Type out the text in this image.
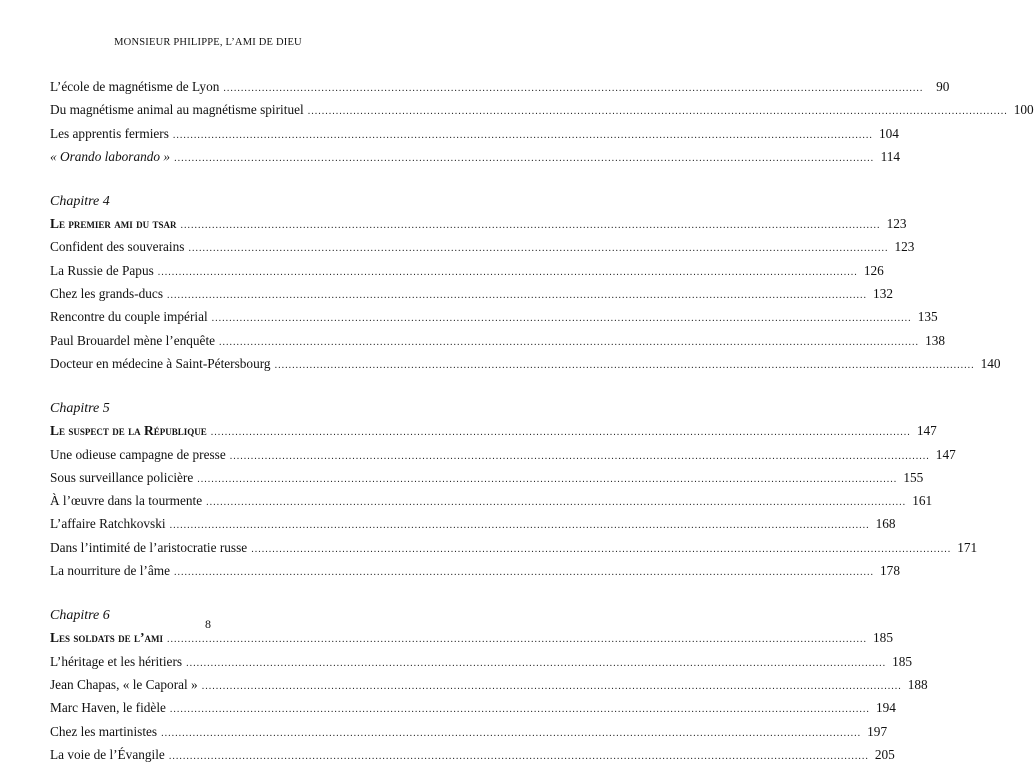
MONSIEUR PHILIPPE, L’AMI DE DIEU
L’école de magnétisme de Lyon ........................................................................................................................................................................................................ 90
Du magnétisme animal au magnétisme spirituel ........................................................................................................................................................................................................ 100
Les apprentis fermiers ........................................................................................................................................................................................................ 104
« Orando laborando » ........................................................................................................................................................................................................ 114
Chapitre 4
Le premier ami du tsar ........................................................................................................................................................................................................ 123
Confident des souverains ........................................................................................................................................................................................................ 123
La Russie de Papus ........................................................................................................................................................................................................ 126
Chez les grands-ducs ........................................................................................................................................................................................................ 132
Rencontre du couple impérial ........................................................................................................................................................................................................ 135
Paul Brouardel mène l’enquête ........................................................................................................................................................................................................ 138
Docteur en médecine à Saint-Pétersbourg ........................................................................................................................................................................................................ 140
Chapitre 5
Le suspect de la République ........................................................................................................................................................................................................ 147
Une odieuse campagne de presse ........................................................................................................................................................................................................ 147
Sous surveillance policière ........................................................................................................................................................................................................ 155
À l’œuvre dans la tourmente ........................................................................................................................................................................................................ 161
L’affaire Ratchkovski ........................................................................................................................................................................................................ 168
Dans l’intimité de l’aristocratie russe ........................................................................................................................................................................................................ 171
La nourriture de l’âme ........................................................................................................................................................................................................ 178
Chapitre 6
Les soldats de l’ami ........................................................................................................................................................................................................ 185
L’héritage et les héritiers ........................................................................................................................................................................................................ 185
Jean Chapas, « le Caporal » ........................................................................................................................................................................................................ 188
Marc Haven, le fidèle ........................................................................................................................................................................................................ 194
Chez les martinistes ........................................................................................................................................................................................................ 197
La voie de l’Évangile ........................................................................................................................................................................................................ 205
8
